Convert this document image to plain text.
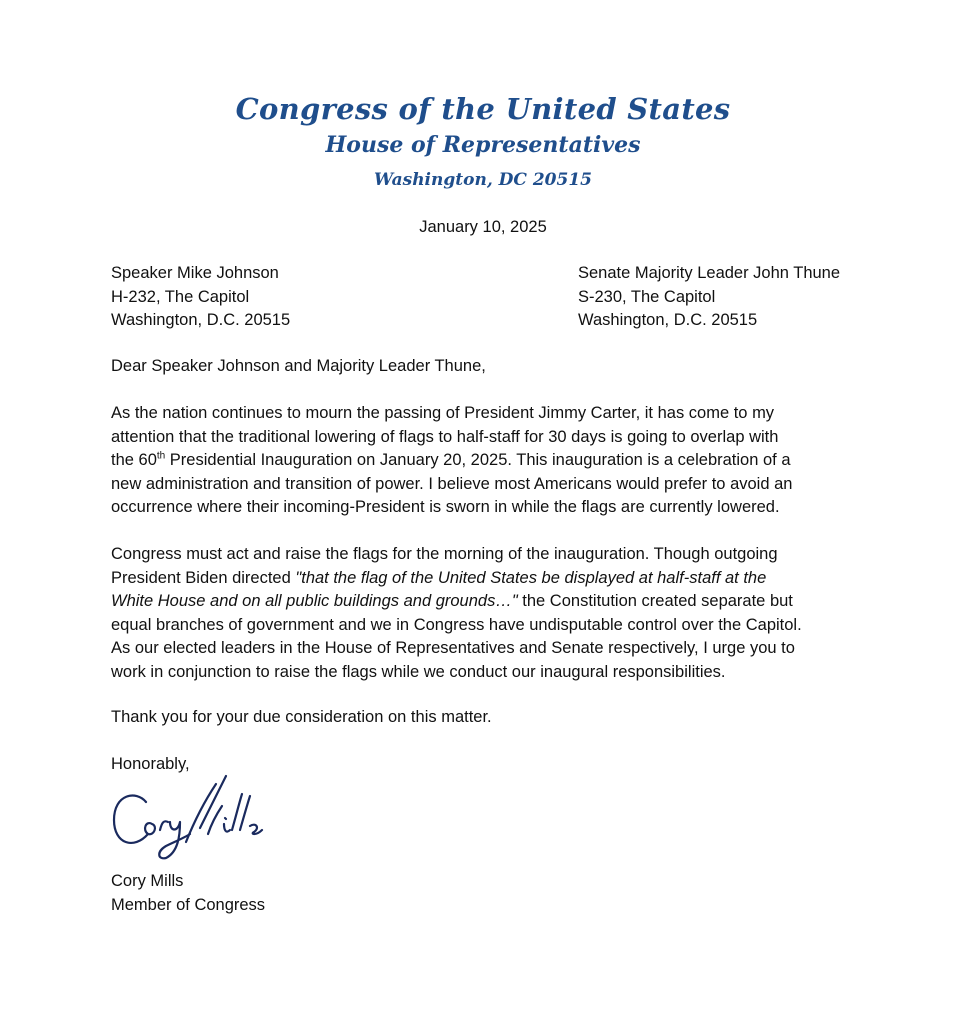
Congress of the United States
House of Representatives
Washington, DC 20515
January 10, 2025
Speaker Mike Johnson
H-232, The Capitol
Washington, D.C. 20515
Senate Majority Leader John Thune
S-230, The Capitol
Washington, D.C. 20515
Dear Speaker Johnson and Majority Leader Thune,
As the nation continues to mourn the passing of President Jimmy Carter, it has come to my
attention that the traditional lowering of flags to half-staff for 30 days is going to overlap with
the 60th Presidential Inauguration on January 20, 2025. This inauguration is a celebration of a
new administration and transition of power. I believe most Americans would prefer to avoid an
occurrence where their incoming-President is sworn in while the flags are currently lowered.
Congress must act and raise the flags for the morning of the inauguration. Though outgoing
President Biden directed "that the flag of the United States be displayed at half-staff at the
White House and on all public buildings and grounds…" the Constitution created separate but
equal branches of government and we in Congress have undisputable control over the Capitol.
As our elected leaders in the House of Representatives and Senate respectively, I urge you to
work in conjunction to raise the flags while we conduct our inaugural responsibilities.
Thank you for your due consideration on this matter.
Honorably,
Cory Mills
Member of Congress
